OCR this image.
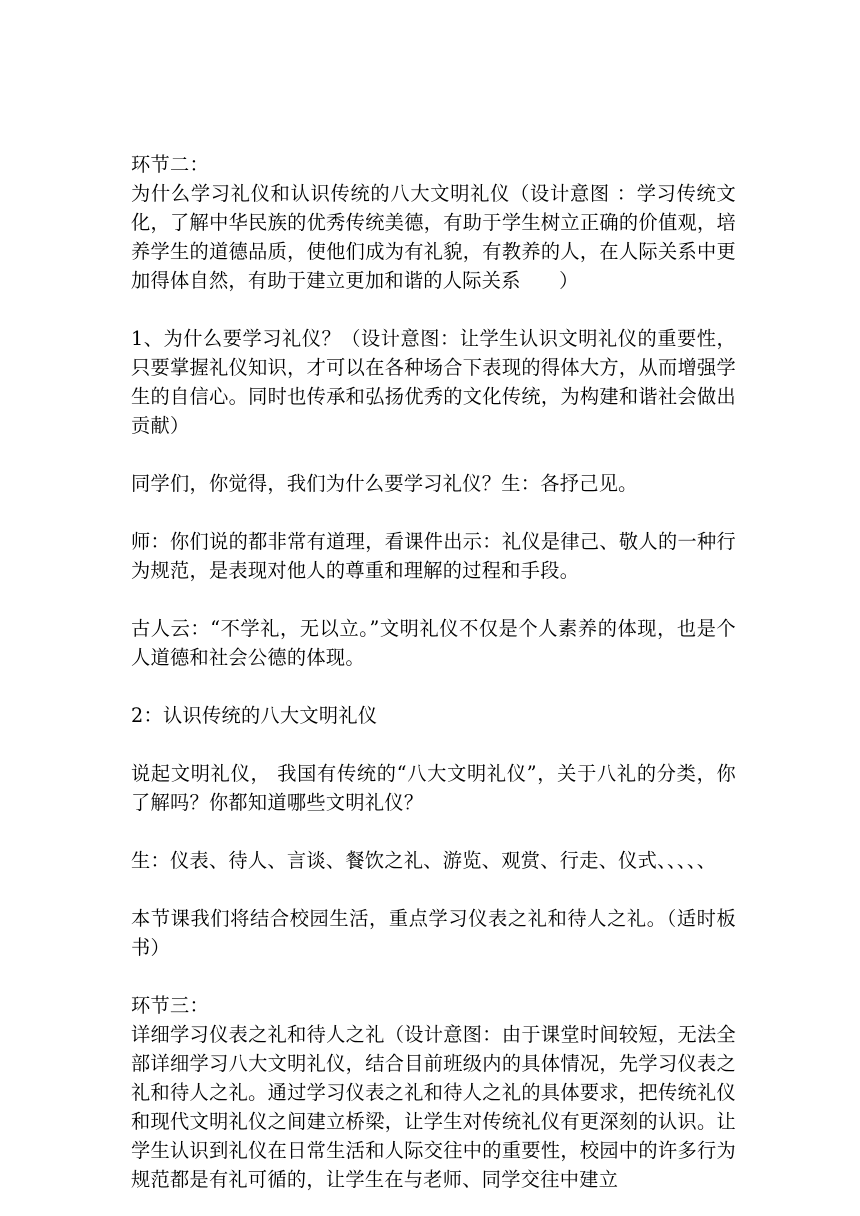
环节二：

为什么学习礼仪和认识传统的八大文明礼仪（设计意图 ：学习传统文化，了解中华民族的优秀传统美德，有助于学生树立正确的价值观，培养学生的道德品质，使他们成为有礼貌，有教养的人，在人际关系中更加得体自然，有助于建立更加和谐的人际关系      ）

1、为什么要学习礼仪？（设计意图：让学生认识文明礼仪的重要性，只要掌握礼仪知识，才可以在各种场合下表现的得体大方，从而增强学生的自信心。同时也传承和弘扬优秀的文化传统，为构建和谐社会做出贡献）

同学们，你觉得，我们为什么要学习礼仪？生：各抒己见。

师：你们说的都非常有道理，看课件出示：礼仪是律己、敬人的一种行为规范，是表现对他人的尊重和理解的过程和手段。

古人云：“不学礼，无以立。”文明礼仪不仅是个人素养的体现，也是个人道德和社会公德的体现。

2：认识传统的八大文明礼仪

说起文明礼仪， 我国有传统的“八大文明礼仪”，关于八礼的分类，你了解吗？你都知道哪些文明礼仪？

生：仪表、待人、言谈、餐饮之礼、游览、观赏、行走、仪式、、、、、

本节课我们将结合校园生活，重点学习仪表之礼和待人之礼。（适时板书）

环节三：

详细学习仪表之礼和待人之礼（设计意图：由于课堂时间较短，无法全部详细学习八大文明礼仪，结合目前班级内的具体情况，先学习仪表之礼和待人之礼。通过学习仪表之礼和待人之礼的具体要求，把传统礼仪和现代文明礼仪之间建立桥梁，让学生对传统礼仪有更深刻的认识。让学生认识到礼仪在日常生活和人际交往中的重要性，校园中的许多行为规范都是有礼可循的，让学生在与老师、同学交往中建立
